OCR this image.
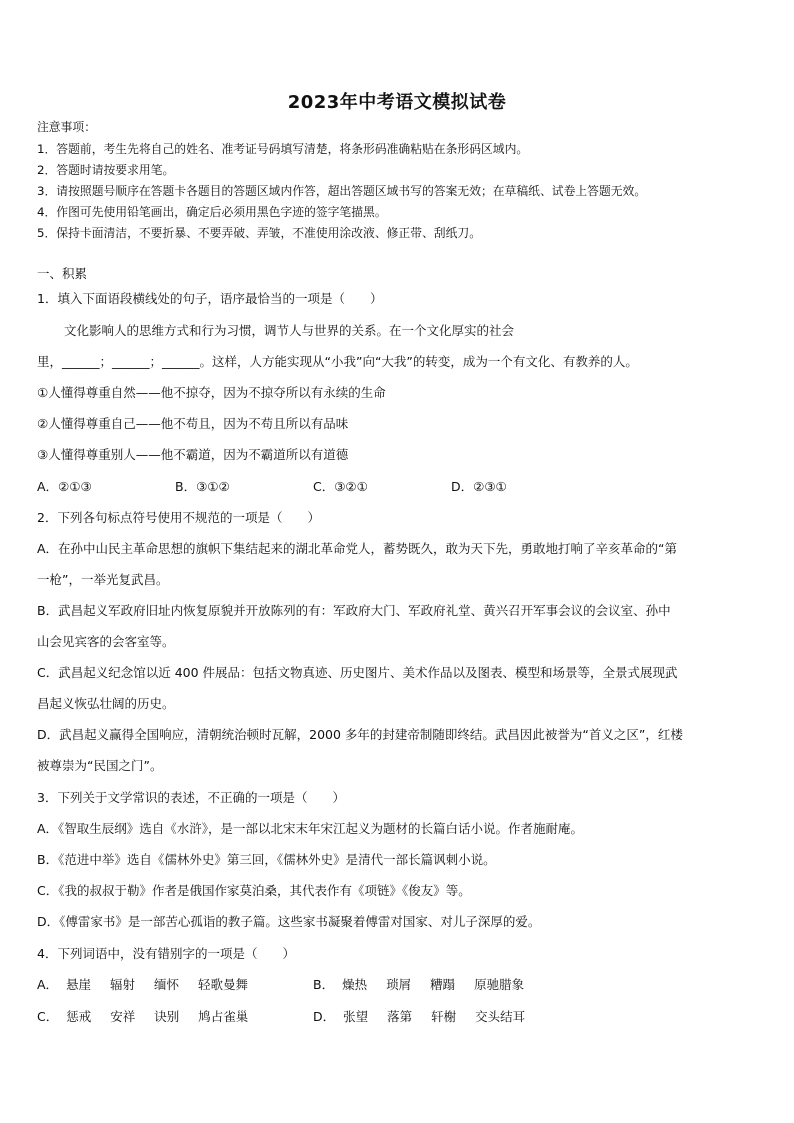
2023年中考语文模拟试卷
注意事项：
1．答题前，考生先将自己的姓名、准考证号码填写清楚，将条形码准确粘贴在条形码区域内。
2．答题时请按要求用笔。
3．请按照题号顺序在答题卡各题目的答题区域内作答，超出答题区域书写的答案无效；在草稿纸、试卷上答题无效。
4．作图可先使用铅笔画出，确定后必须用黑色字迹的签字笔描黑。
5．保持卡面清洁，不要折暴、不要弄破、弄皱，不准使用涂改液、修正带、刮纸刀。
一、积累
1．填入下面语段横线处的句子，语序最恰当的一项是（　　）
文化影响人的思维方式和行为习惯，调节人与世界的关系。在一个文化厚实的社会
里，______；______；______。这样，人方能实现从“小我”向“大我”的转变，成为一个有文化、有教养的人。
①人懂得尊重自然——他不掠夺，因为不掠夺所以有永续的生命
②人懂得尊重自己——他不苟且，因为不苟且所以有品味
③人懂得尊重别人——他不霸道，因为不霸道所以有道德
A．②①③	B．③①②	C．③②①	D．②③①
2．下列各句标点符号使用不规范的一项是（　　）
A．在孙中山民主革命思想的旗帜下集结起来的湖北革命党人，蓄势既久，敢为天下先，勇敢地打响了辛亥革命的“第
一枪”，一举光复武昌。
B．武昌起义军政府旧址内恢复原貌并开放陈列的有：军政府大门、军政府礼堂、黄兴召开军事会议的会议室、孙中
山会见宾客的会客室等。
C．武昌起义纪念馆以近 400 件展品：包括文物真迹、历史图片、美术作品以及图表、模型和场景等，全景式展现武
昌起义恢弘壮阔的历史。
D．武昌起义赢得全国响应，清朝统治顿时瓦解，2000 多年的封建帝制随即终结。武昌因此被誉为“首义之区”，红楼
被尊崇为“民国之门”。
3．下列关于文学常识的表述，不正确的一项是（　　）
A．《智取生辰纲》选自《水浒》，是一部以北宋末年宋江起义为题材的长篇白话小说。作者施耐庵。
B．《范进中举》选自《儒林外史》第三回，《儒林外史》是清代一部长篇讽刺小说。
C．《我的叔叔于勒》作者是俄国作家莫泊桑，其代表作有《项链》《俊友》等。
D．《傅雷家书》是一部苦心孤诣的教子篇。这些家书凝聚着傅雷对国家、对儿子深厚的爱。
4．下列词语中，没有错别字的一项是（　　）
A． 悬崖 辐射 缅怀 轻歌曼舞	B． 燥热 琐屑 糟蹋 原驰腊象
C． 惩戒 安祥 诀别 鸠占雀巢	D． 张望 落第 轩榭 交头结耳
